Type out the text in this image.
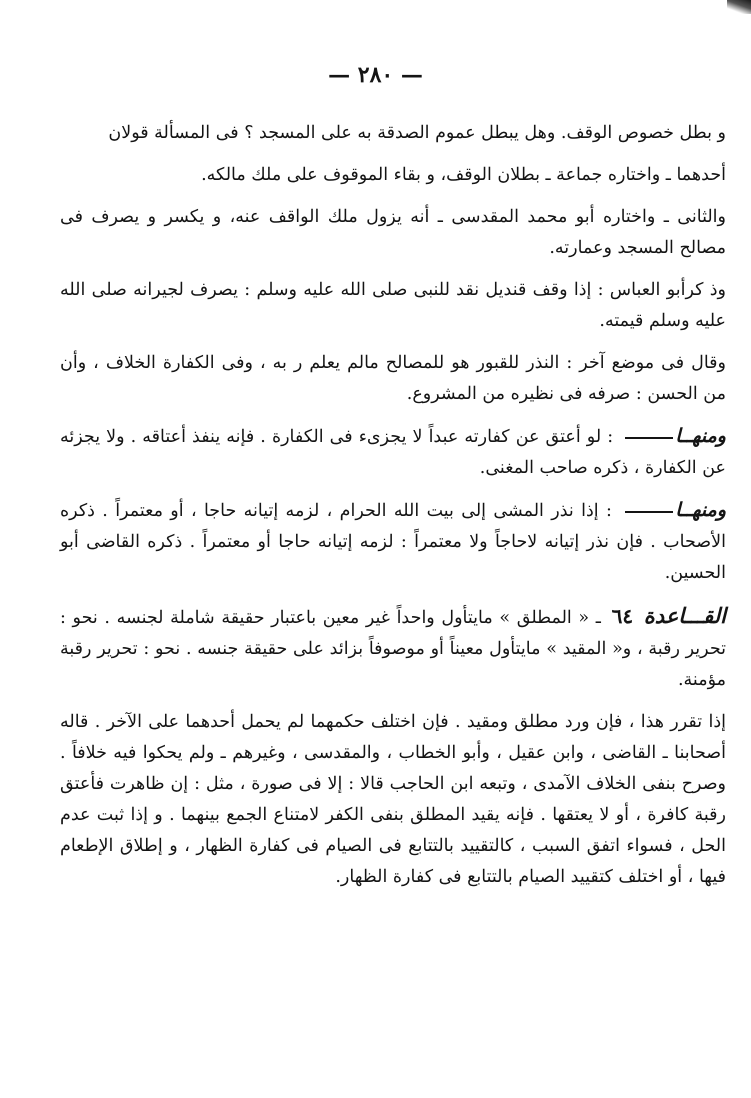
— ٢٨٠ —

و بطل خصوص الوقف. وهل يبطل عموم الصدقة به على المسجد ؟ فى المسألة قولان

أحدهما ـ واختاره جماعة ـ بطلان الوقف، و بقاء الموقوف على ملك مالكه.

والثانى ـ واختاره أبو محمد المقدسى ـ أنه يزول ملك الواقف عنه، و يكسر و يصرف فى مصالح المسجد وعمارته.

وذ كرأبو العباس : إذا وقف قنديل نقد للنبى صلى الله عليه وسلم : يصرف لجيرانه صلى الله عليه وسلم قيمته.

وقال فى موضع آخر : النذر للقبور هو للمصالح مالم يعلم ر به ، وفى الكفارة الخلاف ، وأن من الحسن : صرفه فى نظيره من المشروع.

ومنهــا : لو أعتق عن كفارته عبداً لا يجزىء فى الكفارة . فإنه ينفذ أعتاقه . ولا يجزئه عن الكفارة ، ذكره صاحب المغنى.

ومنهــا : إذا نذر المشى إلى بيت الله الحرام ، لزمه إتيانه حاجا ، أو معتمراً . ذكره الأصحاب . فإن نذر إتيانه لاحاجاً ولا معتمراً : لزمه إتيانه حاجا أو معتمراً . ذكره القاضى أبو الحسين.

القـــاعدة ٦٤ ـ « المطلق » مايتأول واحداً غير معين باعتبار حقيقة شاملة لجنسه . نحو : تحرير رقبة ، و« المقيد » مايتأول معيناً أو موصوفاً بزائد على حقيقة جنسه . نحو : تحرير رقبة مؤمنة.

إذا تقرر هذا ، فإن ورد مطلق ومقيد . فإن اختلف حكمهما لم يحمل أحدهما على الآخر . قاله أصحابنا ـ القاضى ، وابن عقيل ، وأبو الخطاب ، والمقدسى ، وغيرهم ـ ولم يحكوا فيه خلافاً . وصرح بنفى الخلاف الآمدى ، وتبعه ابن الحاجب قالا : إلا فى صورة ، مثل : إن ظاهرت فأعتق رقبة كافرة ، أو لا يعتقها . فإنه يقيد المطلق بنفى الكفر لامتناع الجمع بينهما . و إذا ثبت عدم الحل ، فسواء اتفق السبب ، كالتقييد بالتتابع فى الصيام فى كفارة الظهار ، و إطلاق الإطعام فيها ، أو اختلف كتقييد الصيام بالتتابع فى كفارة الظهار.
